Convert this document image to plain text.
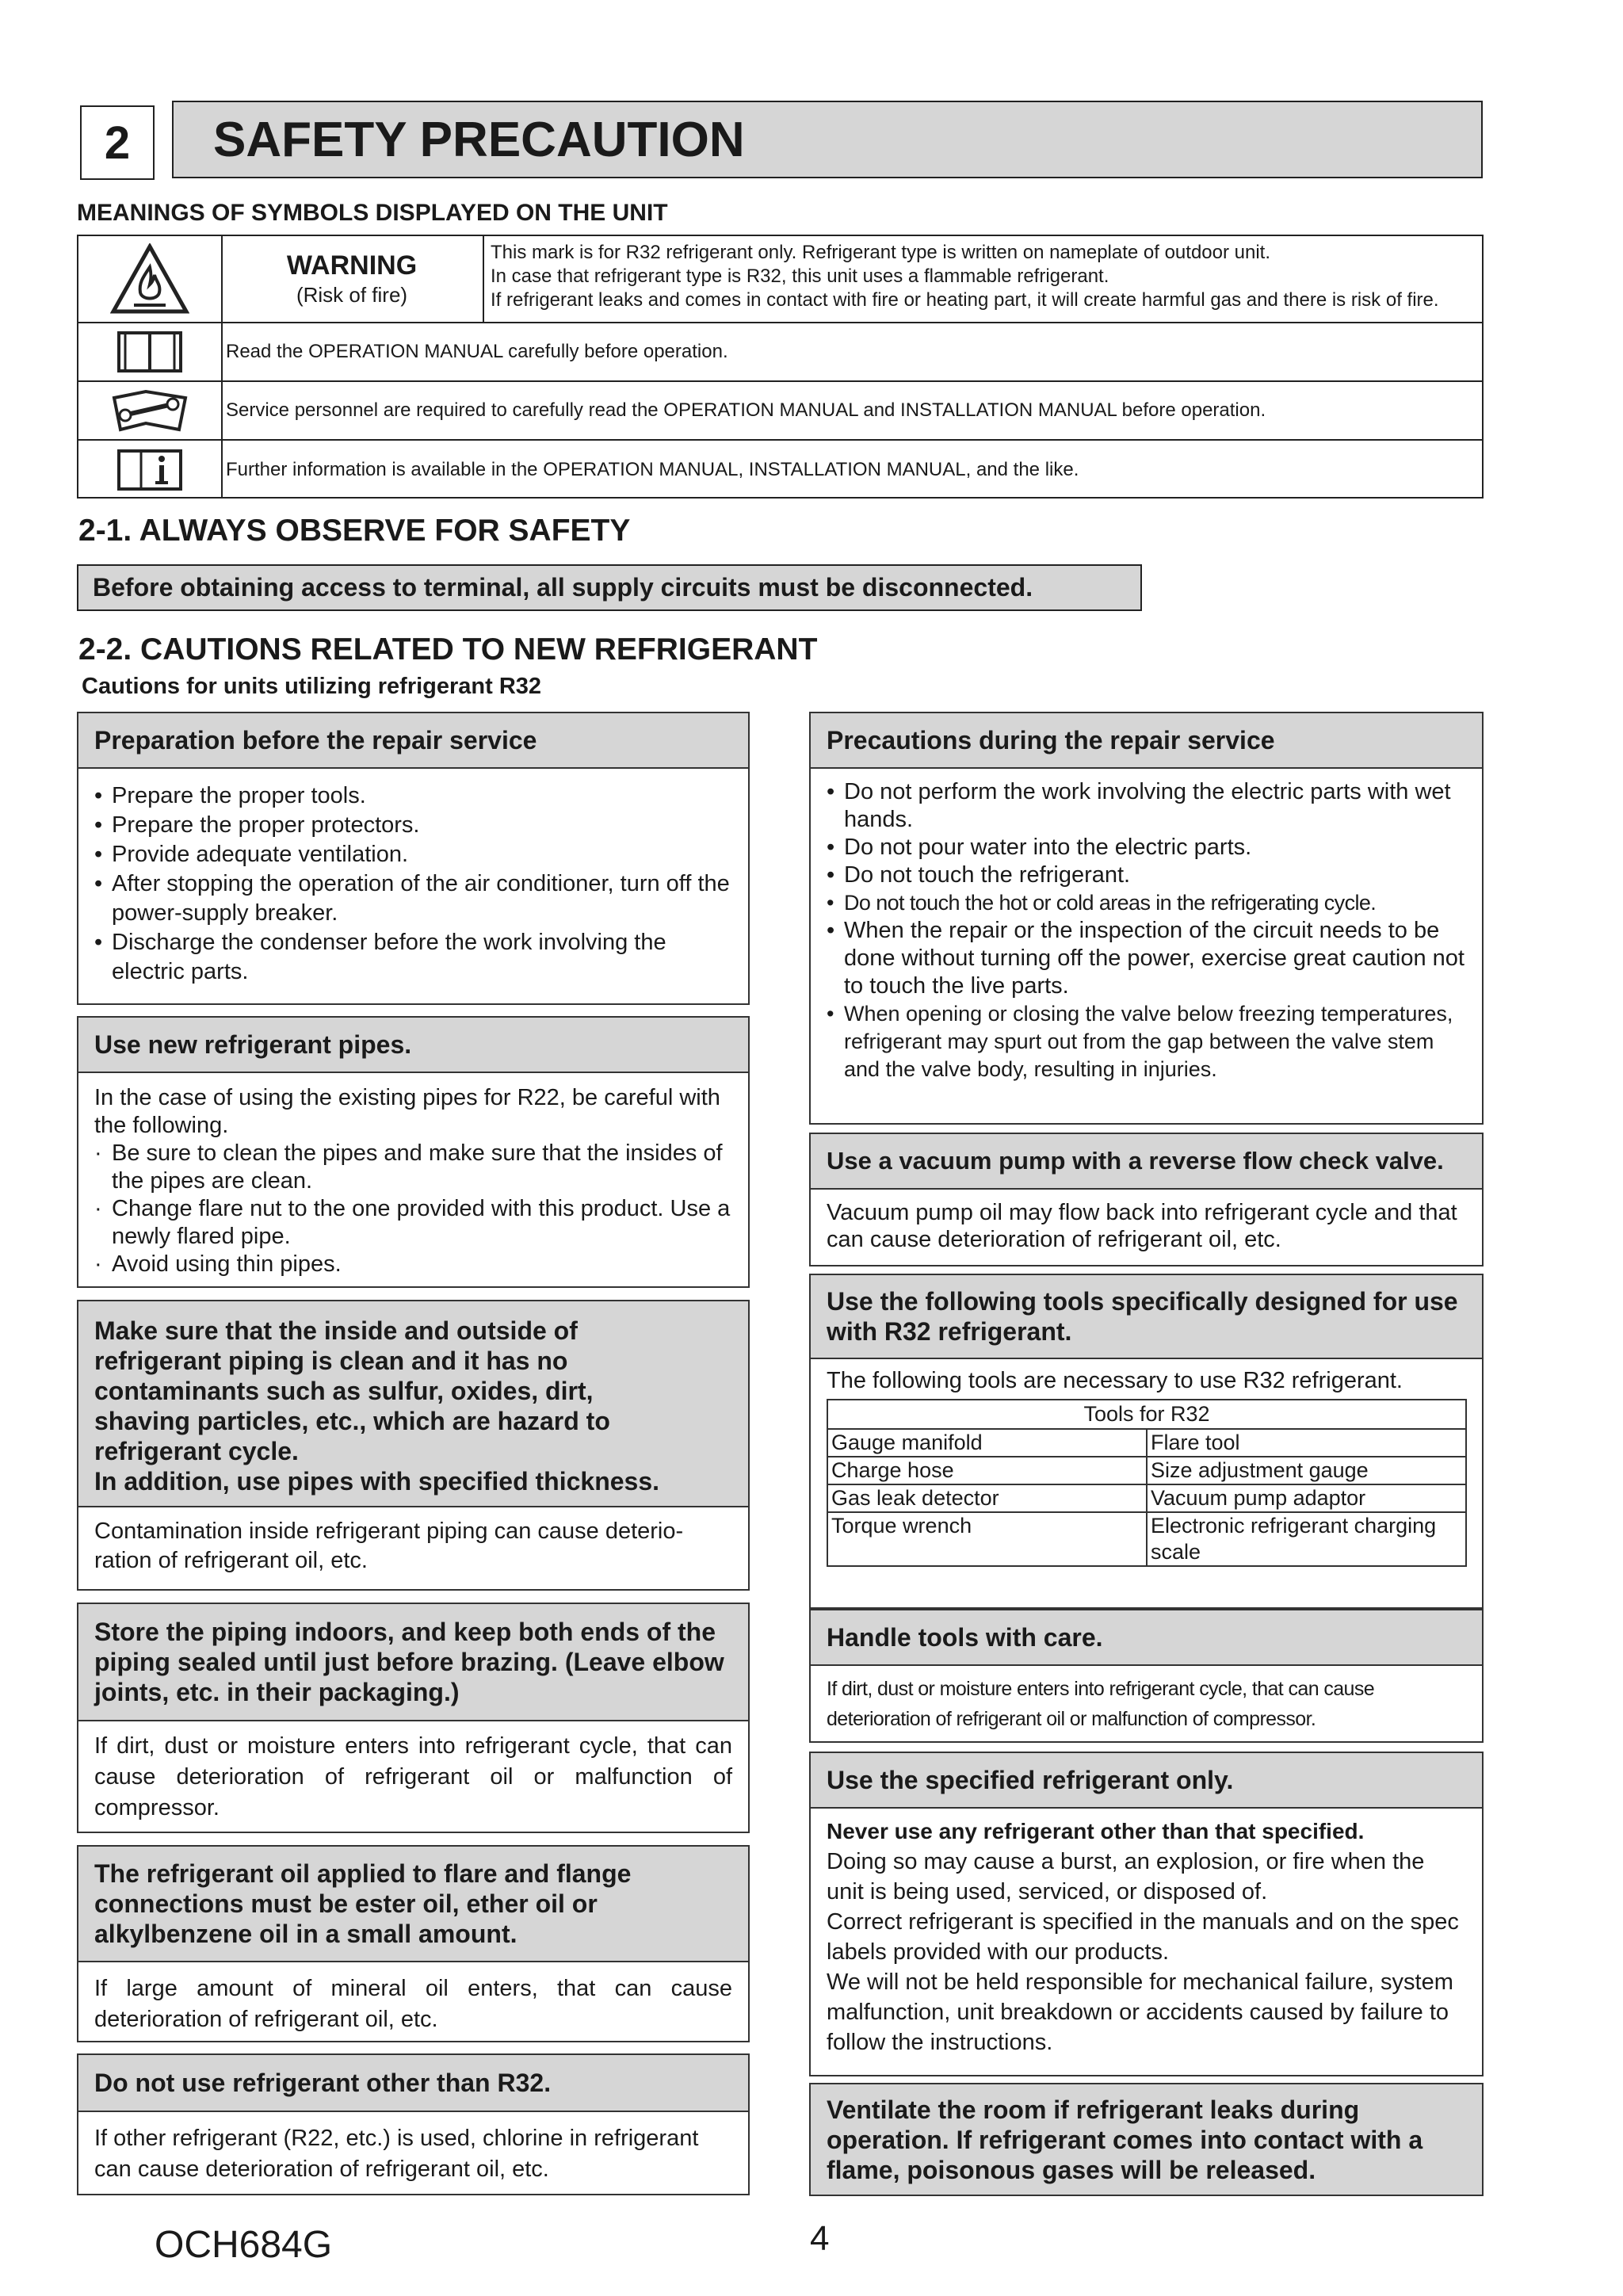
2	SAFETY PRECAUTION
MEANINGS OF SYMBOLS DISPLAYED ON THE UNIT
WARNING
(Risk of fire)
This mark is for R32 refrigerant only. Refrigerant type is written on nameplate of outdoor unit.
In case that refrigerant type is R32, this unit uses a flammable refrigerant.
If refrigerant leaks and comes in contact with fire or heating part, it will create harmful gas and there is risk of fire.
Read the OPERATION MANUAL carefully before operation.
Service personnel are required to carefully read the OPERATION MANUAL and INSTALLATION MANUAL before operation.
Further information is available in the OPERATION MANUAL, INSTALLATION MANUAL, and the like.
2-1. ALWAYS OBSERVE FOR SAFETY
Before obtaining access to terminal, all supply circuits must be disconnected.
2-2. CAUTIONS RELATED TO NEW REFRIGERANT
Cautions for units utilizing refrigerant R32
Preparation before the repair service
• Prepare the proper tools.
• Prepare the proper protectors.
• Provide adequate ventilation.
• After stopping the operation of the air conditioner, turn off the power-supply breaker.
• Discharge the condenser before the work involving the electric parts.
Use new refrigerant pipes.
In the case of using the existing pipes for R22, be careful with the following.
· Be sure to clean the pipes and make sure that the insides of the pipes are clean.
· Change flare nut to the one provided with this product. Use a newly flared pipe.
· Avoid using thin pipes.
Make sure that the inside and outside of
refrigerant piping is clean and it has no
contaminants such as sulfur, oxides, dirt,
shaving particles, etc., which are hazard to
refrigerant cycle.
In addition, use pipes with specified thickness.
Contamination inside refrigerant piping can cause deterio-ration of refrigerant oil, etc.
Store the piping indoors, and keep both ends of the piping sealed until just before brazing. (Leave elbow joints, etc. in their packaging.)
If dirt, dust or moisture enters into refrigerant cycle, that can cause deterioration of refrigerant oil or malfunction of compressor.
The refrigerant oil applied to flare and flange connections must be ester oil, ether oil or alkylbenzene oil in a small amount.
If large amount of mineral oil enters, that can cause deterioration of refrigerant oil, etc.
Do not use refrigerant other than R32.
If other refrigerant (R22, etc.) is used, chlorine in refrigerant can cause deterioration of refrigerant oil, etc.
Precautions during the repair service
• Do not perform the work involving the electric parts with wet hands.
• Do not pour water into the electric parts.
• Do not touch the refrigerant.
• Do not touch the hot or cold areas in the refrigerating cycle.
• When the repair or the inspection of the circuit needs to be done without turning off the power, exercise great caution not to touch the live parts.
• When opening or closing the valve below freezing temperatures, refrigerant may spurt out from the gap between the valve stem and the valve body, resulting in injuries.
Use a vacuum pump with a reverse flow check valve.
Vacuum pump oil may flow back into refrigerant cycle and that can cause deterioration of refrigerant oil, etc.
Use the following tools specifically designed for use with R32 refrigerant.
The following tools are necessary to use R32 refrigerant.
Tools for R32	
Gauge manifold	Flare tool
Charge hose	Size adjustment gauge
Gas leak detector	Vacuum pump adaptor
Torque wrench	Electronic refrigerant charging scale
Handle tools with care.
If dirt, dust or moisture enters into refrigerant cycle, that can cause deterioration of refrigerant oil or malfunction of compressor.
Use the specified refrigerant only.
Never use any refrigerant other than that specified.
Doing so may cause a burst, an explosion, or fire when the unit is being used, serviced, or disposed of.
Correct refrigerant is specified in the manuals and on the spec labels provided with our products.
We will not be held responsible for mechanical failure, system malfunction, unit breakdown or accidents caused by failure to follow the instructions.
Ventilate the room if refrigerant leaks during operation. If refrigerant comes into contact with a flame, poisonous gases will be released.
OCH684G	4
